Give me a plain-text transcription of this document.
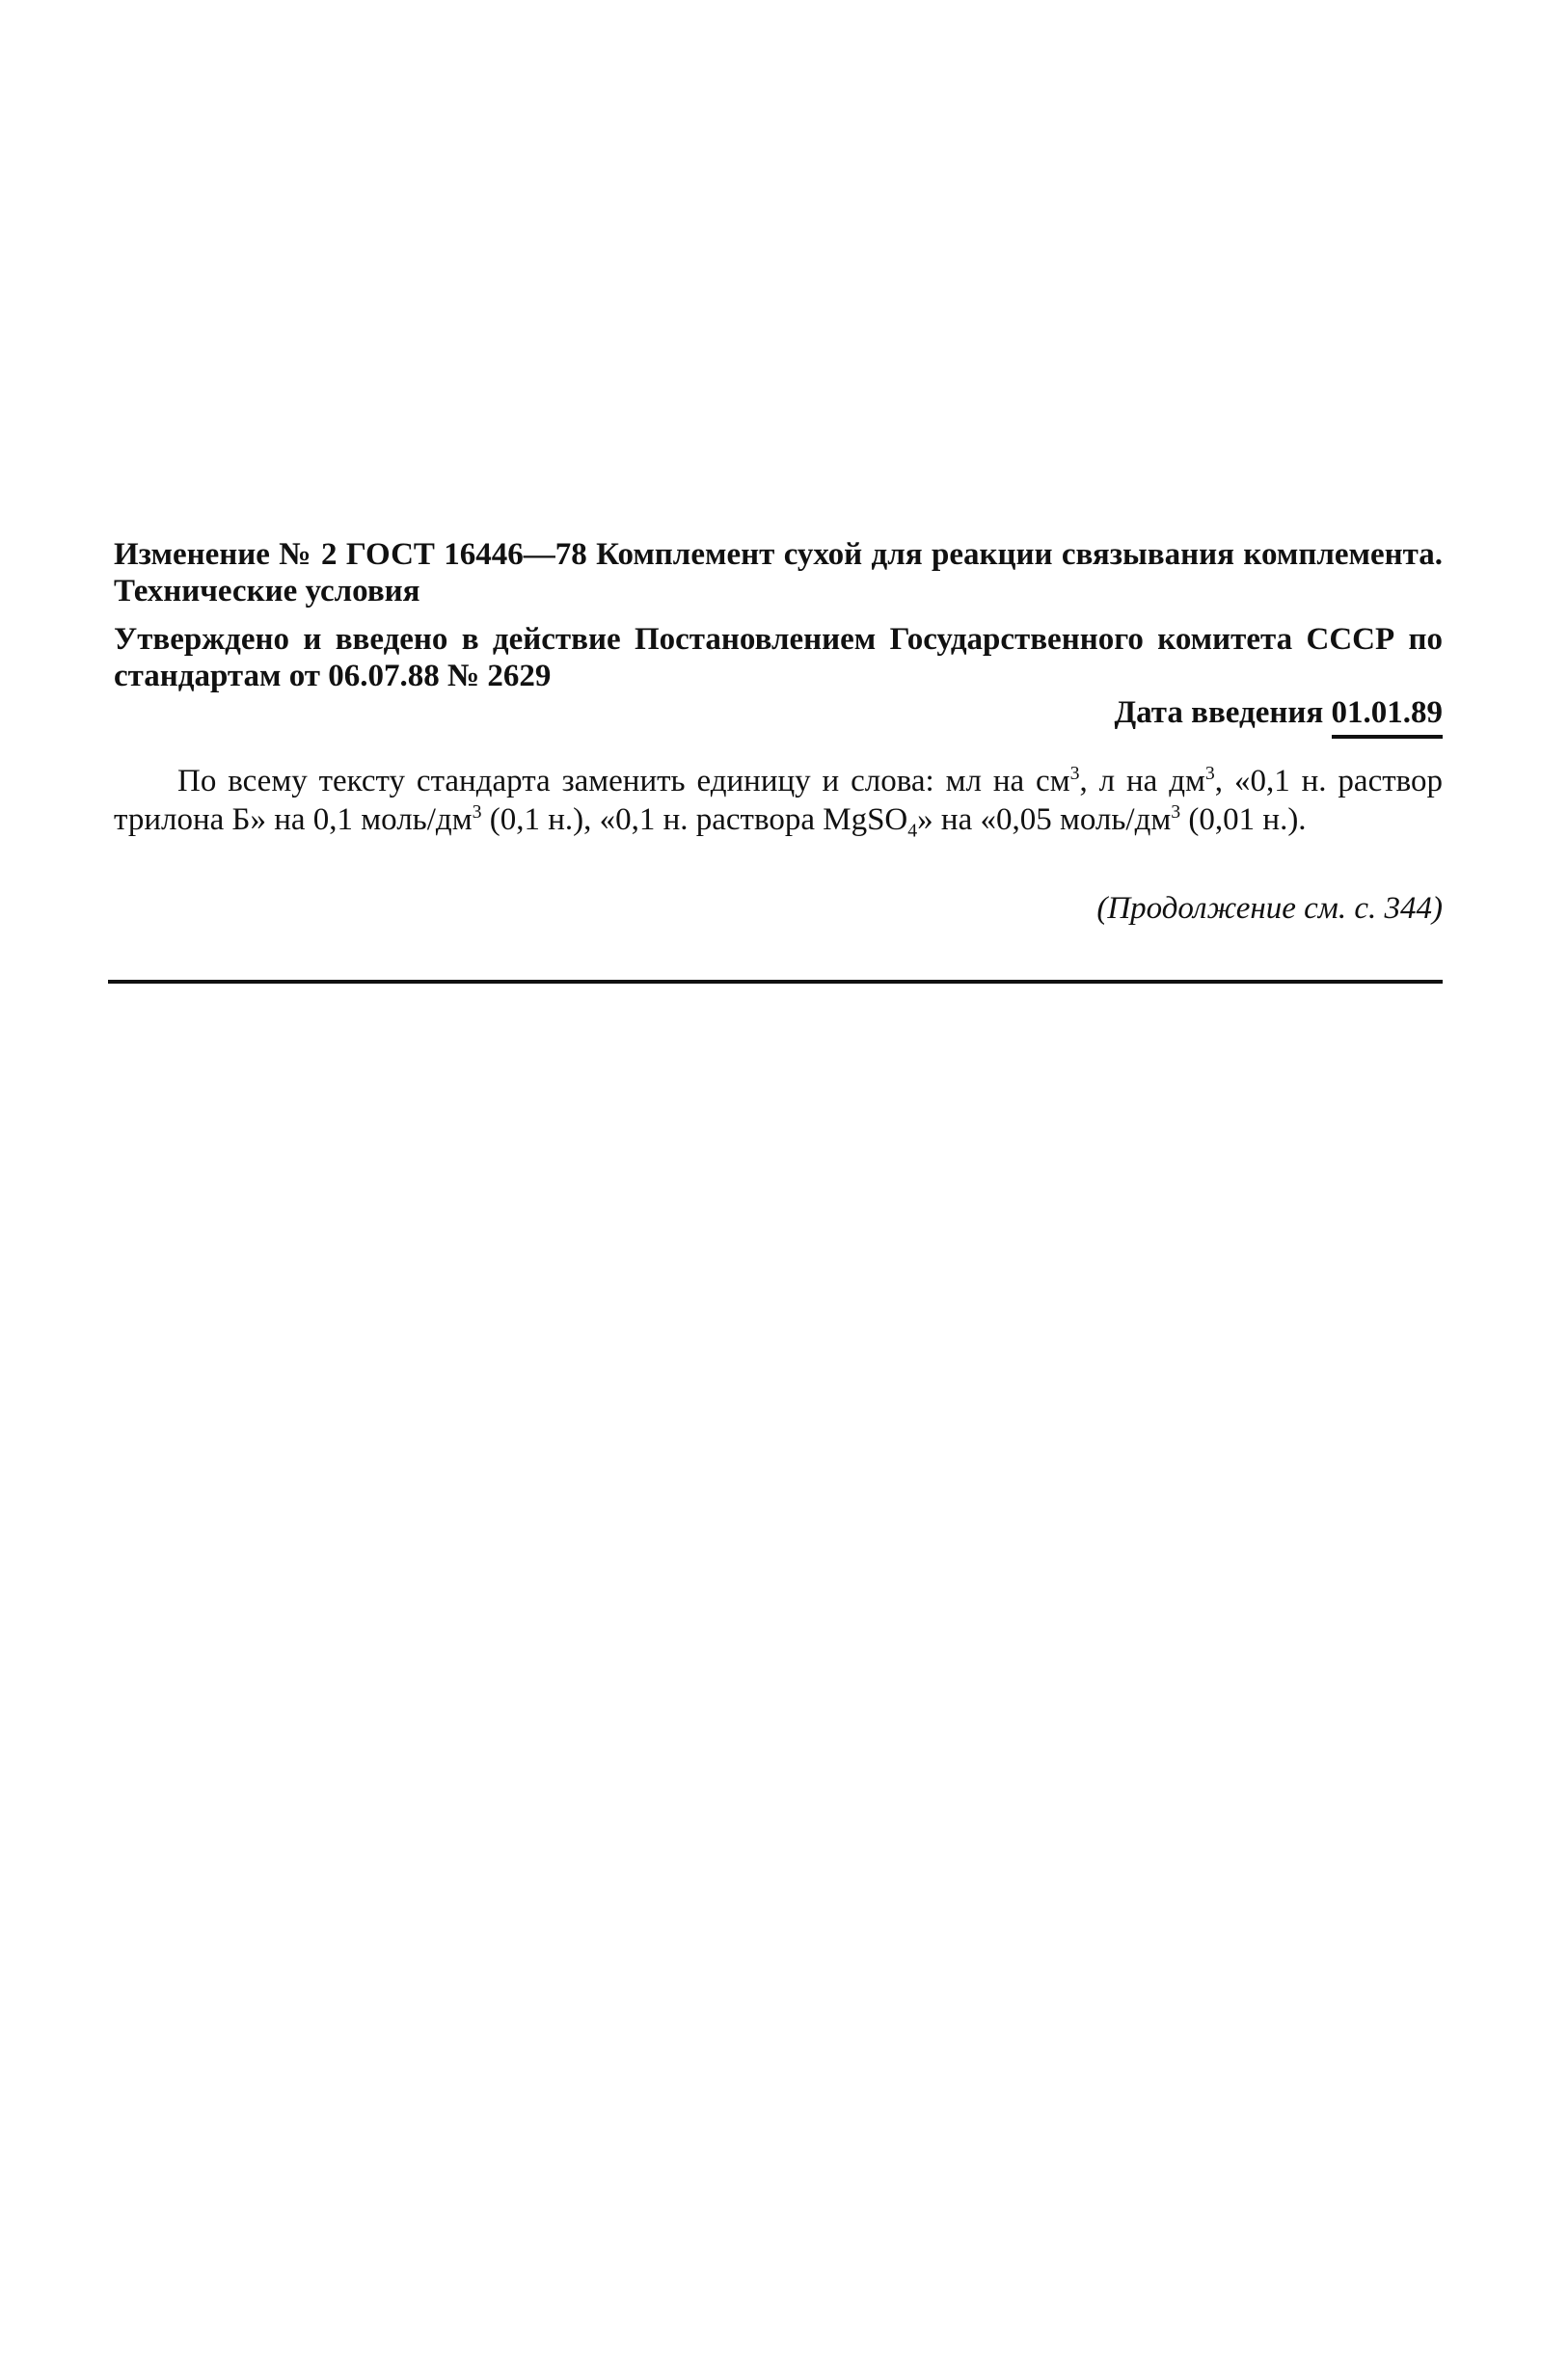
Изменение № 2 ГОСТ 16446—78 Комплемент сухой для реакции связывания комплемента. Технические условия

Утверждено и введено в действие Постановлением Государственного комитета СССР по стандартам от 06.07.88 № 2629

Дата введения 01.01.89

По всему тексту стандарта заменить единицу и слова: мл на $см^3$, л на $дм^3$, «0,1 н. раствор трилона Б» на 0,1 моль/$дм^3$ (0,1 н.), «0,1 н. раствора MgSO$_4$» на «0,05 моль/$дм^3$ (0,01 н.).

(Продолжение см. с. 344)
